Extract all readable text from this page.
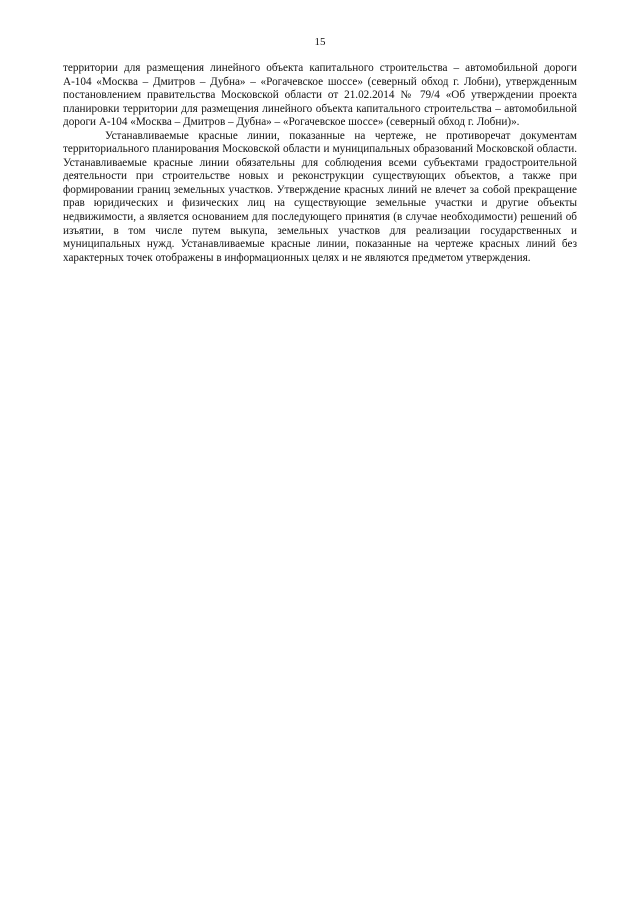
15

территории для размещения линейного объекта капитального строительства – автомобильной дороги А-104 «Москва – Дмитров – Дубна» – «Рогачевское шоссе» (северный обход г. Лобни), утвержденным постановлением правительства Московской области от 21.02.2014 № 79/4 «Об утверждении проекта планировки территории для размещения линейного объекта капитального строительства – автомобильной дороги А-104 «Москва – Дмитров – Дубна» – «Рогачевское шоссе» (северный обход г. Лобни)».

Устанавливаемые красные линии, показанные на чертеже, не противоречат документам территориального планирования Московской области и муниципальных образований Московской области. Устанавливаемые красные линии обязательны для соблюдения всеми субъектами градостроительной деятельности при строительстве новых и реконструкции существующих объектов, а также при формировании границ земельных участков. Утверждение красных линий не влечет за собой прекращение прав юридических и физических лиц на существующие земельные участки и другие объекты недвижимости, а является основанием для последующего принятия (в случае необходимости) решений об изъятии, в том числе путем выкупа, земельных участков для реализации государственных и муниципальных нужд. Устанавливаемые красные линии, показанные на чертеже красных линий без характерных точек отображены в информационных целях и не являются предметом утверждения.
